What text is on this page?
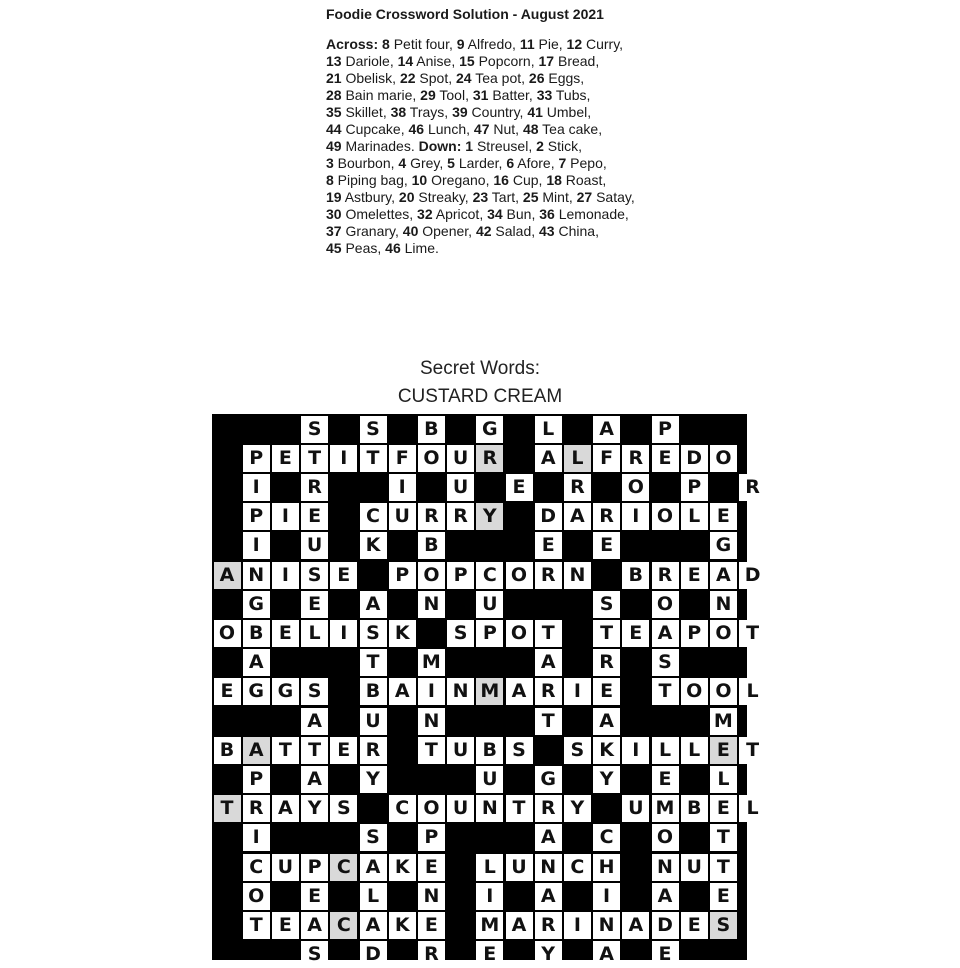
Foodie Crossword Solution - August 2021
Across: 8 Petit four, 9 Alfredo, 11 Pie, 12 Curry,
13 Dariole, 14 Anise, 15 Popcorn, 17 Bread,
21 Obelisk, 22 Spot, 24 Tea pot, 26 Eggs,
28 Bain marie, 29 Tool, 31 Batter, 33 Tubs,
35 Skillet, 38 Trays, 39 Country, 41 Umbel,
44 Cupcake, 46 Lunch, 47 Nut, 48 Tea cake,
49 Marinades. Down: 1 Streusel, 2 Stick,
3 Bourbon, 4 Grey, 5 Larder, 6 Afore, 7 Pepo,
8 Piping bag, 10 Oregano, 16 Cup, 18 Roast,
19 Astbury, 20 Streaky, 23 Tart, 25 Mint, 27 Satay,
30 Omelettes, 32 Apricot, 34 Bun, 36 Lemonade,
37 Granary, 40 Opener, 42 Salad, 43 China,
45 Peas, 46 Lime.
Secret Words:
CUSTARD CREAM
S	S	B	G	L	A	P
P E T	I	T F O U R	A L F R E D O
I	R	I	U	E	R	O	P	R
P I	E	C U R R Y	D A R I O L E
I	U	K	B	E	E	G
A N I S E	P O P C O R N	B R E A D
G	E	A	N	U	S	O N
O B E L	I S K	S P O T	T E A P O T
A	T	M	A	R	S
E G G S	B A I N M A R I	E	T O O L
A	U	N	T	A	M
B A T T E R	T U B S	S K I	L L E T
P	A	Y	U	G	Y	E	L
T R A Y S	C O U N T R Y	U M B E L
I	S	P	A	C	O	T
C U P C A K E	L U N C H N U T
O	E	L	N	I	A	I	A	E
T E A C A K E	M A R I N A D E S
S	D	R	E	Y	A	E
